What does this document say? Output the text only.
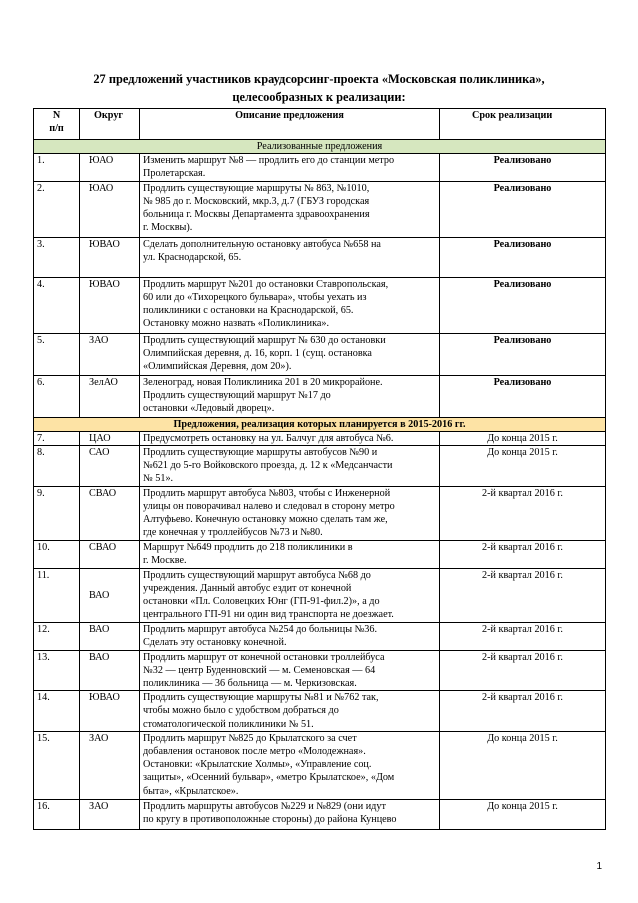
27 предложений участников краудсорсинг-проекта «Московская поликлиника»,
целесообразных к реализации:
N
п/п	Округ	Описание предложения	Срок реализации
Реализованные предложения			
1.	ЮАО	Изменить маршрут №8 — продлить его до станции метро
Пролетарская.	Реализовано
2.	ЮАО	Продлить существующие маршруты № 863, №1010,
№ 985 до г. Московский, мкр.3, д.7 (ГБУЗ городская
больница г. Москвы Департамента здравоохранения
г. Москвы).	Реализовано
3.	ЮВАО	Сделать дополнительную остановку автобуса №658 на
ул. Краснодарской, 65.	Реализовано
4.	ЮВАО	Продлить маршрут №201 до остановки Ставропольская,
60 или до «Тихорецкого бульвара», чтобы уехать из
поликлиники с остановки на Краснодарской, 65.
Остановку можно назвать «Поликлиника».	Реализовано
5.	ЗАО	Продлить существующий маршрут № 630 до остановки
Олимпийская деревня, д. 16, корп. 1 (сущ. остановка
«Олимпийская Деревня, дом 20»).	Реализовано
6.	ЗелАО	Зеленоград, новая Поликлиника 201 в 20 микрорайоне.
Продлить существующий маршрут №17 до
остановки «Ледовый дворец».	Реализовано
Предложения, реализация которых планируется в 2015-2016 гг.			
7.	ЦАО	Предусмотреть остановку на ул. Балчуг для автобуса №6.	До конца 2015 г.
8.	САО	Продлить существующие маршруты автобусов №90 и
№621 до 5-го Войковского проезда, д. 12 к «Медсанчасти
№ 51».	До конца 2015 г.
9.	СВАО	Продлить маршрут автобуса №803, чтобы с Инженерной
улицы он поворачивал налево и следовал в сторону метро
Алтуфьево. Конечную остановку можно сделать там же,
где конечная у троллейбусов №73 и №80.	2-й квартал 2016 г.
10.	СВАО	Маршрут №649 продлить до 218 поликлиники в
г. Москве.	2-й квартал 2016 г.
11.	ВАО	Продлить существующий маршрут автобуса №68 до
учреждения. Данный автобус ездит от конечной
остановки «Пл. Соловецких Юнг (ГП-91-фил.2)», а до
центрального ГП-91 ни один вид транспорта не доезжает.	2-й квартал 2016 г.
12.	ВАО	Продлить маршрут автобуса №254 до больницы №36.
Сделать эту остановку конечной.	2-й квартал 2016 г.
13.	ВАО	Продлить маршрут от конечной остановки троллейбуса
№32 — центр Буденновский — м. Семеновская — 64
поликлиника — 36 больница — м. Черкизовская.	2-й квартал 2016 г.
14.	ЮВАО	Продлить существующие маршруты №81 и №762 так,
чтобы можно было с удобством добраться до
стоматологической поликлиники № 51.	2-й квартал 2016 г.
15.	ЗАО	Продлить маршрут №825 до Крылатского за счет
добавления остановок после метро «Молодежная».
Остановки: «Крылатские Холмы», «Управление соц.
защиты», «Осенний бульвар», «метро Крылатское», «Дом
быта», «Крылатское».	До конца 2015 г.
16.	ЗАО	Продлить маршруты автобусов №229 и №829 (они идут
по кругу в противоположные стороны) до района Кунцево	До конца 2015 г.
1
